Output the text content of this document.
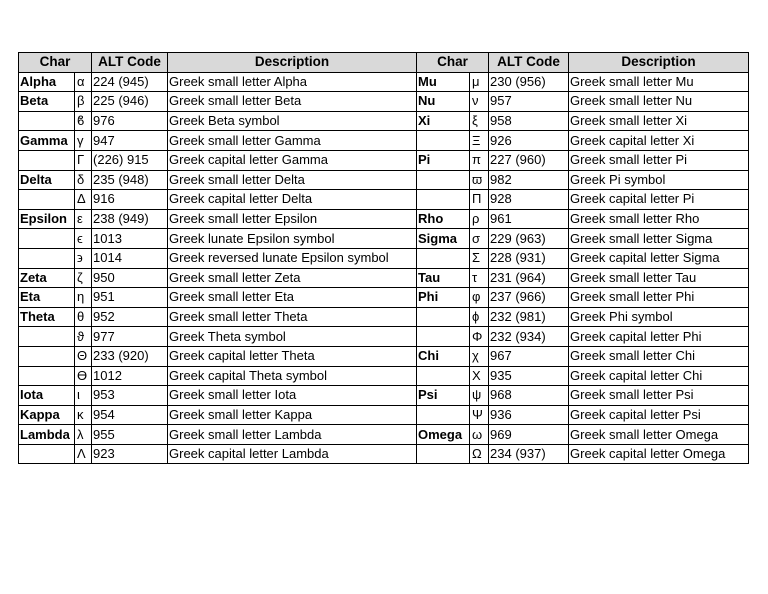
Char		ALT Code	Description	Char		ALT Code	Description
Alpha	α	224 (945)	Greek small letter Alpha	Mu	μ	230 (956)	Greek small letter Mu
Beta	β	225 (946)	Greek small letter Beta	Nu	ν	957	Greek small letter Nu
	ϐ	976	Greek Beta symbol	Xi	ξ	958	Greek small letter Xi
Gamma	γ	947	Greek small letter Gamma		Ξ	926	Greek capital letter Xi
	Γ	(226) 915	Greek capital letter Gamma	Pi	π	227 (960)	Greek small letter Pi
Delta	δ	235 (948)	Greek small letter Delta		ϖ	982	Greek Pi symbol
	Δ	916	Greek capital letter Delta		Π	928	Greek capital letter Pi
Epsilon	ε	238 (949)	Greek small letter Epsilon	Rho	ρ	961	Greek small letter Rho
	ϵ	1013	Greek lunate Epsilon symbol	Sigma	σ	229 (963)	Greek small letter Sigma
	϶	1014	Greek reversed lunate Epsilon symbol		Σ	228 (931)	Greek capital letter Sigma
Zeta	ζ	950	Greek small letter Zeta	Tau	τ	231 (964)	Greek small letter Tau
Eta	η	951	Greek small letter Eta	Phi	φ	237 (966)	Greek small letter Phi
Theta	θ	952	Greek small letter Theta		ϕ	232 (981)	Greek Phi symbol
	ϑ	977	Greek Theta symbol		Φ	232 (934)	Greek capital letter Phi
	Θ	233 (920)	Greek capital letter Theta	Chi	χ	967	Greek small letter Chi
	ϴ	1012	Greek capital Theta symbol		Χ	935	Greek capital letter Chi
Iota	ι	953	Greek small letter Iota	Psi	ψ	968	Greek small letter Psi
Kappa	κ	954	Greek small letter Kappa		Ψ	936	Greek capital letter Psi
Lambda	λ	955	Greek small letter Lambda	Omega	ω	969	Greek small letter Omega
	Λ	923	Greek capital letter Lambda		Ω	234 (937)	Greek capital letter Omega
